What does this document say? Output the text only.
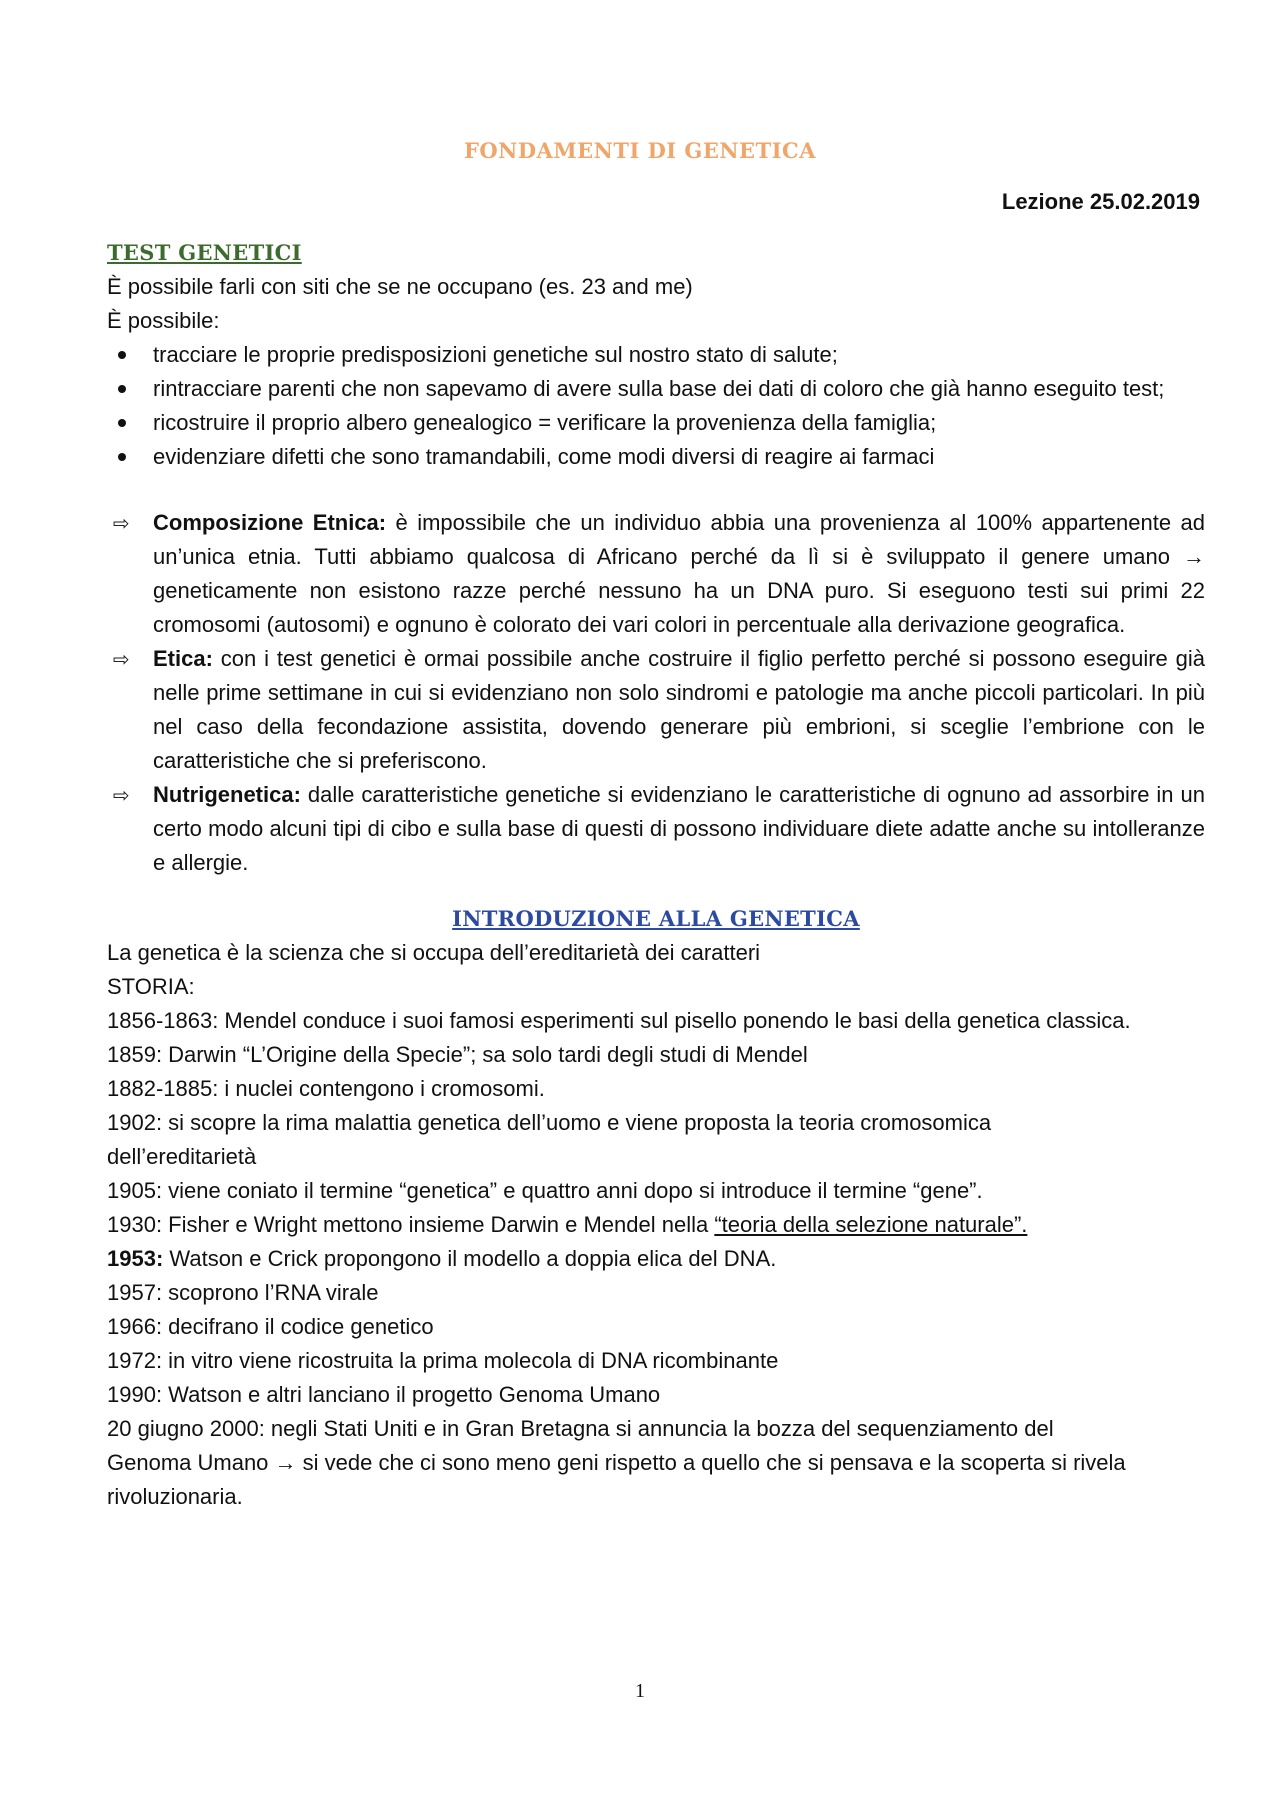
FONDAMENTI DI GENETICA
Lezione 25.02.2019
TEST GENETICI

È possibile farli con siti che se ne occupano (es. 23 and me)

È possibile:

tracciare le proprie predisposizioni genetiche sul nostro stato di salute;
rintracciare parenti che non sapevamo di avere sulla base dei dati di coloro che già hanno eseguito test;
ricostruire il proprio albero genealogico = verificare la provenienza della famiglia;
evidenziare difetti che sono tramandabili, come modi diversi di reagire ai farmaci
⇨ Composizione Etnica: è impossibile che un individuo abbia una provenienza al 100% appartenente ad un’unica etnia. Tutti abbiamo qualcosa di Africano perché da lì si è sviluppato il genere umano → geneticamente non esistono razze perché nessuno ha un DNA puro. Si eseguono testi sui primi 22 cromosomi (autosomi) e ognuno è colorato dei vari colori in percentuale alla derivazione geografica.
⇨ Etica: con i test genetici è ormai possibile anche costruire il figlio perfetto perché si possono eseguire già nelle prime settimane in cui si evidenziano non solo sindromi e patologie ma anche piccoli particolari. In più nel caso della fecondazione assistita, dovendo generare più embrioni, si sceglie l’embrione con le caratteristiche che si preferiscono.
⇨ Nutrigenetica: dalle caratteristiche genetiche si evidenziano le caratteristiche di ognuno ad assorbire in un certo modo alcuni tipi di cibo e sulla base di questi di possono individuare diete adatte anche su intolleranze e allergie.
INTRODUZIONE ALLA GENETICA

La genetica è la scienza che si occupa dell’ereditarietà dei caratteri

STORIA:

1856-1863: Mendel conduce i suoi famosi esperimenti sul pisello ponendo le basi della genetica classica.

1859: Darwin “L’Origine della Specie”; sa solo tardi degli studi di Mendel

1882-1885: i nuclei contengono i cromosomi.

1902: si scopre la rima malattia genetica dell’uomo e viene proposta la teoria cromosomica

dell’ereditarietà

1905: viene coniato il termine “genetica” e quattro anni dopo si introduce il termine “gene”.

1930: Fisher e Wright mettono insieme Darwin e Mendel nella “teoria della selezione naturale”.

1953: Watson e Crick propongono il modello a doppia elica del DNA.

1957: scoprono l’RNA virale

1966: decifrano il codice genetico

1972: in vitro viene ricostruita la prima molecola di DNA ricombinante

1990: Watson e altri lanciano il progetto Genoma Umano

20 giugno 2000: negli Stati Uniti e in Gran Bretagna si annuncia la bozza del sequenziamento del

Genoma Umano → si vede che ci sono meno geni rispetto a quello che si pensava e la scoperta si rivela

rivoluzionaria.

1
